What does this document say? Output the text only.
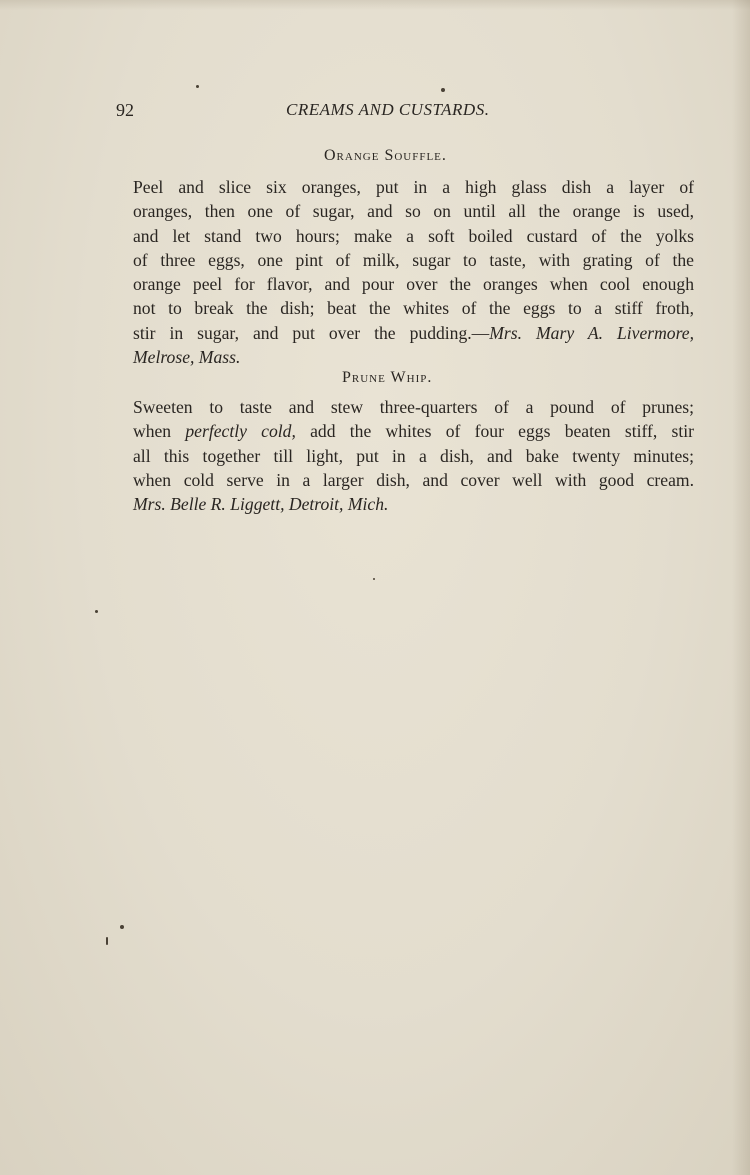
92	CREAMS AND CUSTARDS.
Orange Souffle.
Peel and slice six oranges, put in a high glass dish a layer of
oranges, then one of sugar, and so on until all the orange is used,
and let stand two hours; make a soft boiled custard of the yolks
of three eggs, one pint of milk, sugar to taste, with grating of the
orange peel for flavor, and pour over the oranges when cool enough
not to break the dish; beat the whites of the eggs to a stiff froth,
stir in sugar, and put over the pudding.—Mrs. Mary A. Livermore,
Melrose, Mass.
Prune Whip.
Sweeten to taste and stew three-quarters of a pound of prunes;
when perfectly cold, add the whites of four eggs beaten stiff, stir
all this together till light, put in a dish, and bake twenty minutes;
when cold serve in a larger dish, and cover well with good cream.
Mrs. Belle R. Liggett, Detroit, Mich.
